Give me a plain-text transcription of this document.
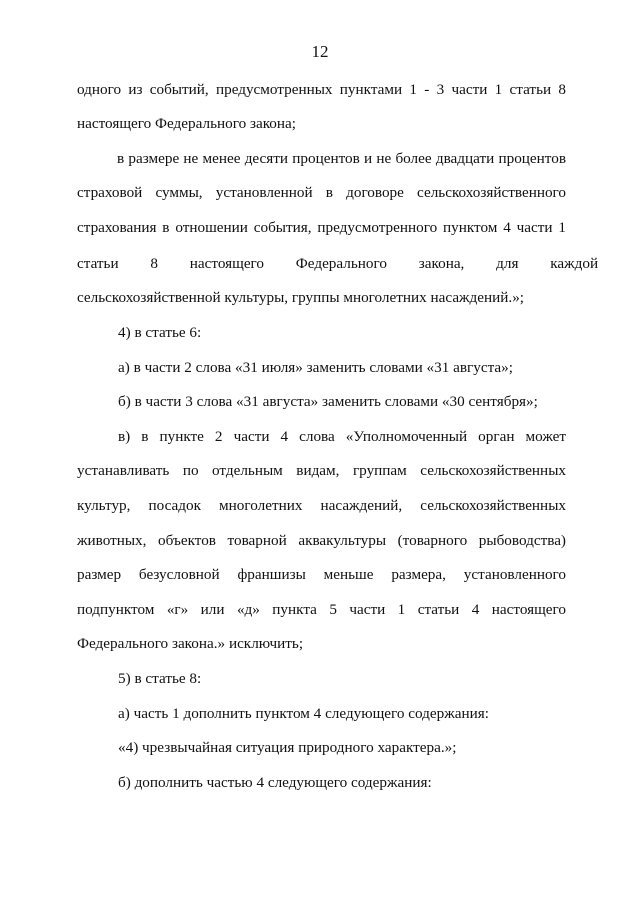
12
одного из событий, предусмотренных пунктами 1 - 3 части 1 статьи 8
настоящего Федерального закона;
в размере не менее десяти процентов и не более двадцати процентов
страховой суммы, установленной в договоре сельскохозяйственного
страхования в отношении события, предусмотренного пунктом 4 части 1
статьи 8 настоящего Федерального закона, для каждой
сельскохозяйственной культуры, группы многолетних насаждений.»;
4) в статье 6:
а) в части 2 слова «31 июля» заменить словами «31 августа»;
б) в части 3 слова «31 августа» заменить словами «30 сентября»;
в) в пункте 2 части 4 слова «Уполномоченный орган может
устанавливать по отдельным видам, группам сельскохозяйственных
культур, посадок многолетних насаждений, сельскохозяйственных
животных, объектов товарной аквакультуры (товарного рыбоводства)
размер безусловной франшизы меньше размера, установленного
подпунктом «г» или «д» пункта 5 части 1 статьи 4 настоящего
Федерального закона.» исключить;
5) в статье 8:
а) часть 1 дополнить пунктом 4 следующего содержания:
«4) чрезвычайная ситуация природного характера.»;
б) дополнить частью 4 следующего содержания:
